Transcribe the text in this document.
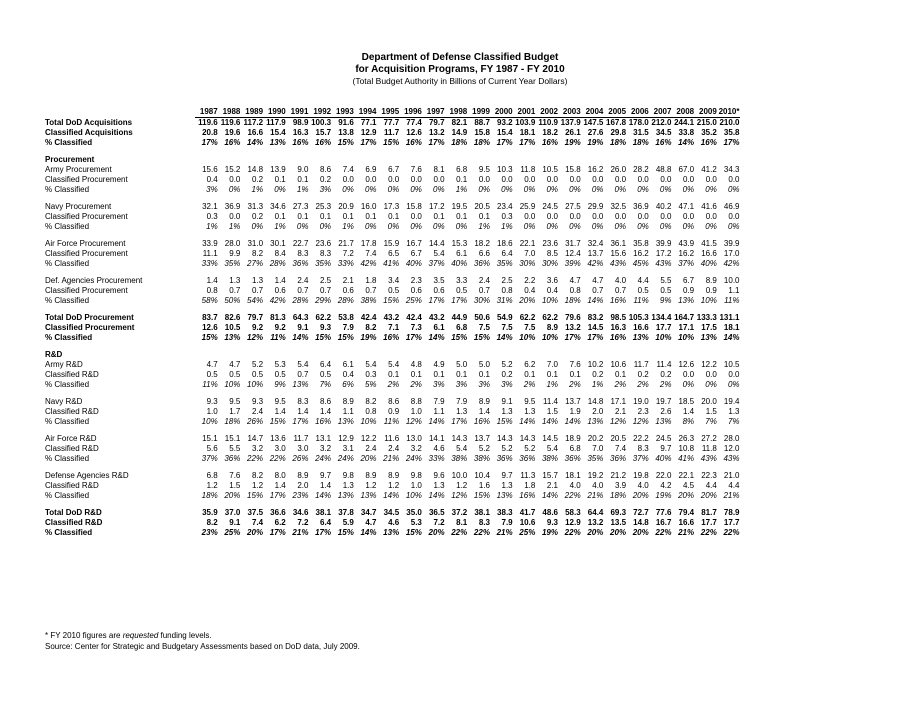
Department of Defense Classified Budget
for Acquisition Programs, FY 1987 - FY 2010
(Total Budget Authority in Billions of Current Year Dollars)
	1987	1988	1989	1990	1991	1992	1993	1994	1995	1996	1997	1998	1999	2000	2001	2002	2003	2004	2005	2006	2007	2008	2009	2010*
Total DoD Acquisitions	119.6	119.6	117.2	117.9	98.9	100.3	91.6	77.1	77.7	77.4	79.7	82.1	88.7	93.2	103.9	110.9	137.9	147.5	167.8	178.0	212.0	244.1	215.0	210.0
Classified Acquisitions	20.8	19.6	16.6	15.4	16.3	15.7	13.8	12.9	11.7	12.6	13.2	14.9	15.8	15.4	18.1	18.2	26.1	27.6	29.8	31.5	34.5	33.8	35.2	35.8
% Classified	17%	16%	14%	13%	16%	16%	15%	17%	15%	16%	17%	18%	18%	17%	17%	16%	19%	19%	18%	18%	16%	14%	16%	17%

Procurement																								
Army Procurement	15.6	15.2	14.8	13.9	9.0	8.6	7.4	6.9	6.7	7.6	8.1	6.8	9.5	10.3	11.8	10.5	15.8	16.2	26.0	28.2	48.8	67.0	41.2	34.3
Classified Procurement	0.4	0.0	0.2	0.1	0.1	0.2	0.0	0.0	0.0	0.0	0.0	0.1	0.0	0.0	0.0	0.0	0.0	0.0	0.0	0.0	0.0	0.0	0.0	0.0
% Classified	3%	0%	1%	0%	1%	3%	0%	0%	0%	0%	0%	1%	0%	0%	0%	0%	0%	0%	0%	0%	0%	0%	0%	0%

Navy Procurement	32.1	36.9	31.3	34.6	27.3	25.3	20.9	16.0	17.3	15.8	17.2	19.5	20.5	23.4	25.9	24.5	27.5	29.9	32.5	36.9	40.2	47.1	41.6	46.9
Classified Procurement	0.3	0.0	0.2	0.1	0.1	0.1	0.1	0.1	0.1	0.0	0.1	0.1	0.1	0.3	0.0	0.0	0.0	0.0	0.0	0.0	0.0	0.0	0.0	0.0
% Classified	1%	1%	0%	1%	0%	0%	1%	0%	0%	0%	0%	0%	1%	1%	0%	0%	0%	0%	0%	0%	0%	0%	0%	0%

Air Force Procurement	33.9	28.0	31.0	30.1	22.7	23.6	21.7	17.8	15.9	16.7	14.4	15.3	18.2	18.6	22.1	23.6	31.7	32.4	36.1	35.8	39.9	43.9	41.5	39.9
Classified Procurement	11.1	9.9	8.2	8.4	8.3	8.3	7.2	7.4	6.5	6.7	5.4	6.1	6.6	6.4	7.0	8.5	12.4	13.7	15.6	16.2	17.2	16.2	16.6	17.0
% Classified	33%	35%	27%	28%	36%	35%	33%	42%	41%	40%	37%	40%	36%	35%	30%	30%	39%	42%	43%	45%	43%	37%	40%	42%

Def. Agencies Procurement	1.4	1.3	1.3	1.4	2.4	2.5	2.1	1.8	3.4	2.3	3.5	3.3	2.4	2.5	2.2	3.6	4.7	4.7	4.0	4.4	5.5	6.7	8.9	10.0
Classified Procurement	0.8	0.7	0.7	0.6	0.7	0.7	0.6	0.7	0.5	0.6	0.6	0.5	0.7	0.8	0.4	0.4	0.8	0.7	0.7	0.5	0.5	0.9	0.9	1.1
% Classified	58%	50%	54%	42%	28%	29%	28%	38%	15%	25%	17%	17%	30%	31%	20%	10%	18%	14%	16%	11%	9%	13%	10%	11%

Total DoD Procurement	83.7	82.6	79.7	81.3	64.3	62.2	53.8	42.4	43.2	42.4	43.2	44.9	50.6	54.9	62.2	62.2	79.6	83.2	98.5	105.3	134.4	164.7	133.3	131.1
Classified Procurement	12.6	10.5	9.2	9.2	9.1	9.3	7.9	8.2	7.1	7.3	6.1	6.8	7.5	7.5	7.5	8.9	13.2	14.5	16.3	16.6	17.7	17.1	17.5	18.1
% Classified	15%	13%	12%	11%	14%	15%	15%	19%	16%	17%	14%	15%	15%	14%	10%	10%	17%	17%	16%	13%	10%	10%	13%	14%

R&D																								
Army R&D	4.7	4.7	5.2	5.3	5.4	6.4	6.1	5.4	5.4	4.8	4.9	5.0	5.0	5.2	6.2	7.0	7.6	10.2	10.6	11.7	11.4	12.6	12.2	10.5
Classified R&D	0.5	0.5	0.5	0.5	0.7	0.5	0.4	0.3	0.1	0.1	0.1	0.1	0.1	0.2	0.1	0.1	0.1	0.2	0.1	0.2	0.2	0.0	0.0	0.0
% Classified	11%	10%	10%	9%	13%	7%	6%	5%	2%	2%	3%	3%	3%	3%	2%	1%	2%	1%	2%	2%	2%	0%	0%	0%

Navy R&D	9.3	9.5	9.3	9.5	8.3	8.6	8.9	8.2	8.6	8.8	7.9	7.9	8.9	9.1	9.5	11.4	13.7	14.8	17.1	19.0	19.7	18.5	20.0	19.4
Classified R&D	1.0	1.7	2.4	1.4	1.4	1.4	1.1	0.8	0.9	1.0	1.1	1.3	1.4	1.3	1.3	1.5	1.9	2.0	2.1	2.3	2.6	1.4	1.5	1.3
% Classified	10%	18%	26%	15%	17%	16%	13%	10%	11%	12%	14%	17%	16%	15%	14%	14%	14%	13%	12%	12%	13%	8%	7%	7%

Air Force R&D	15.1	15.1	14.7	13.6	11.7	13.1	12.9	12.2	11.6	13.0	14.1	14.3	13.7	14.3	14.3	14.5	18.9	20.2	20.5	22.2	24.5	26.3	27.2	28.0
Classified R&D	5.6	5.5	3.2	3.0	3.0	3.2	3.1	2.4	2.4	3.2	4.6	5.4	5.2	5.2	5.2	5.4	6.8	7.0	7.4	8.3	9.7	10.8	11.8	12.0
% Classified	37%	36%	22%	22%	26%	24%	24%	20%	21%	24%	33%	38%	38%	36%	36%	38%	36%	35%	36%	37%	40%	41%	43%	43%

Defense Agencies R&D	6.8	7.6	8.2	8.0	8.9	9.7	9.8	8.9	8.9	9.8	9.6	10.0	10.4	9.7	11.3	15.7	18.1	19.2	21.2	19.8	22.0	22.1	22.3	21.0
Classified R&D	1.2	1.5	1.2	1.4	2.0	1.4	1.3	1.2	1.2	1.0	1.3	1.2	1.6	1.3	1.8	2.1	4.0	4.0	3.9	4.0	4.2	4.5	4.4	4.4
% Classified	18%	20%	15%	17%	23%	14%	13%	13%	14%	10%	14%	12%	15%	13%	16%	14%	22%	21%	18%	20%	19%	20%	20%	21%

Total DoD R&D	35.9	37.0	37.5	36.6	34.6	38.1	37.8	34.7	34.5	35.0	36.5	37.2	38.1	38.3	41.7	48.6	58.3	64.4	69.3	72.7	77.6	79.4	81.7	78.9
Classified R&D	8.2	9.1	7.4	6.2	7.2	6.4	5.9	4.7	4.6	5.3	7.2	8.1	8.3	7.9	10.6	9.3	12.9	13.2	13.5	14.8	16.7	16.6	17.7	17.7
% Classified	23%	25%	20%	17%	21%	17%	15%	14%	13%	15%	20%	22%	22%	21%	25%	19%	22%	20%	20%	20%	22%	21%	22%	22%
* FY 2010 figures are requested funding levels.
Source: Center for Strategic and Budgetary Assessments based on DoD data, July 2009.
